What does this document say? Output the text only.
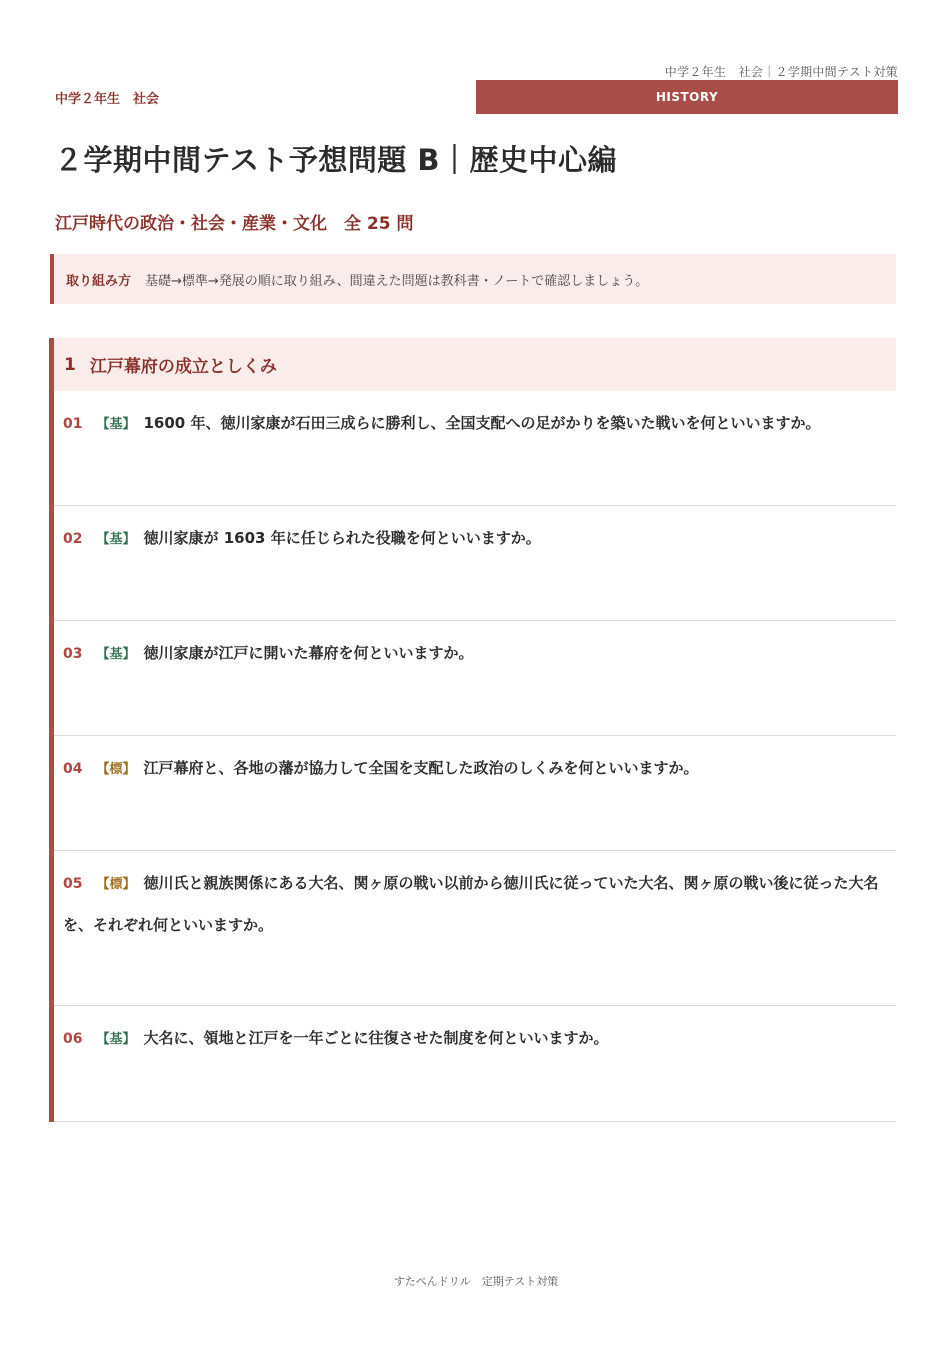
中学２年生　社会｜２学期中間テスト対策
中学２年生　社会	HISTORY
２学期中間テスト予想問題 B｜歴史中心編
江戸時代の政治・社会・産業・文化　全 25 問
取り組み方 基礎→標準→発展の順に取り組み、間違えた問題は教科書・ノートで確認しましょう。
1 江戸幕府の成立としくみ
01 【基】 1600 年、徳川家康が石田三成らに勝利し、全国支配への足がかりを築いた戦いを何といいますか。
02 【基】 徳川家康が 1603 年に任じられた役職を何といいますか。
03 【基】 徳川家康が江戸に開いた幕府を何といいますか。
04 【標】 江戸幕府と、各地の藩が協力して全国を支配した政治のしくみを何といいますか。
05 【標】 徳川氏と親族関係にある大名、関ヶ原の戦い以前から徳川氏に従っていた大名、関ヶ原の戦い後に従った大名を、それぞれ何といいますか。
06 【基】 大名に、領地と江戸を一年ごとに往復させた制度を何といいますか。
すたぺんドリル　定期テスト対策
